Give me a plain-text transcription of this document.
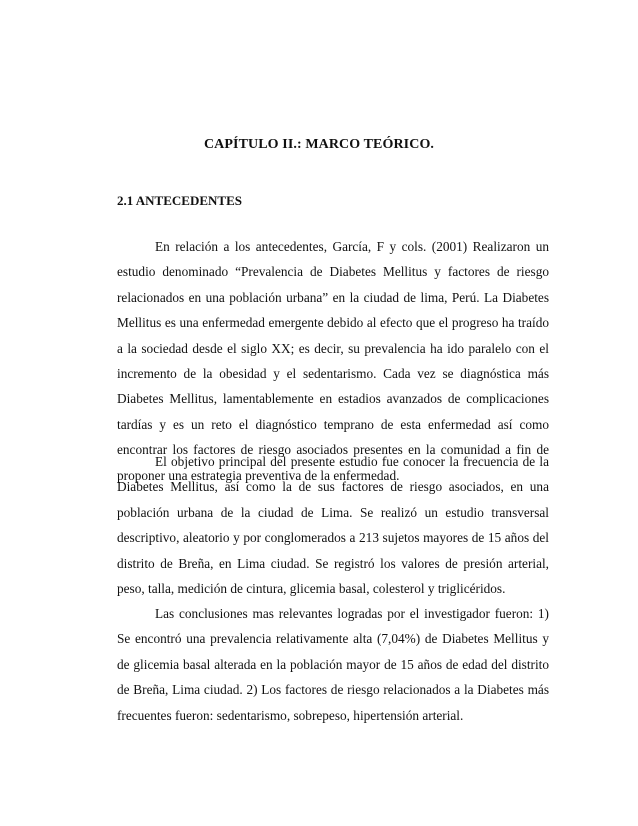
CAPÍTULO II.: MARCO TEÓRICO.
2.1 ANTECEDENTES

En relación a los antecedentes, García, F y cols. (2001) Realizaron un estudio denominado “Prevalencia de Diabetes Mellitus y factores de riesgo relacionados en una población urbana” en la ciudad de lima, Perú. La Diabetes Mellitus es una enfermedad emergente debido al efecto que el progreso ha traído a la sociedad desde el siglo XX; es decir, su prevalencia ha ido paralelo con el incremento de la obesidad y el sedentarismo. Cada vez se diagnóstica más Diabetes Mellitus, lamentablemente en estadios avanzados de complicaciones tardías y es un reto el diagnóstico temprano de esta enfermedad así como encontrar los factores de riesgo asociados presentes en la comunidad a fin de proponer una estrategia preventiva de la enfermedad.

El objetivo principal del presente estudio fue conocer la frecuencia de la Diabetes Mellitus, así como la de sus factores de riesgo asociados, en una población urbana de la ciudad de Lima. Se realizó un estudio transversal descriptivo, aleatorio y por conglomerados a 213 sujetos mayores de 15 años del distrito de Breña, en Lima ciudad. Se registró los valores de presión arterial, peso, talla, medición de cintura, glicemia basal, colesterol y triglicéridos.

Las conclusiones mas relevantes logradas por el investigador fueron: 1) Se encontró una prevalencia relativamente alta (7,04%) de Diabetes Mellitus y de glicemia basal alterada en la población mayor de 15 años de edad del distrito de Breña, Lima ciudad. 2) Los factores de riesgo relacionados a la Diabetes más frecuentes fueron: sedentarismo, sobrepeso, hipertensión arterial.
